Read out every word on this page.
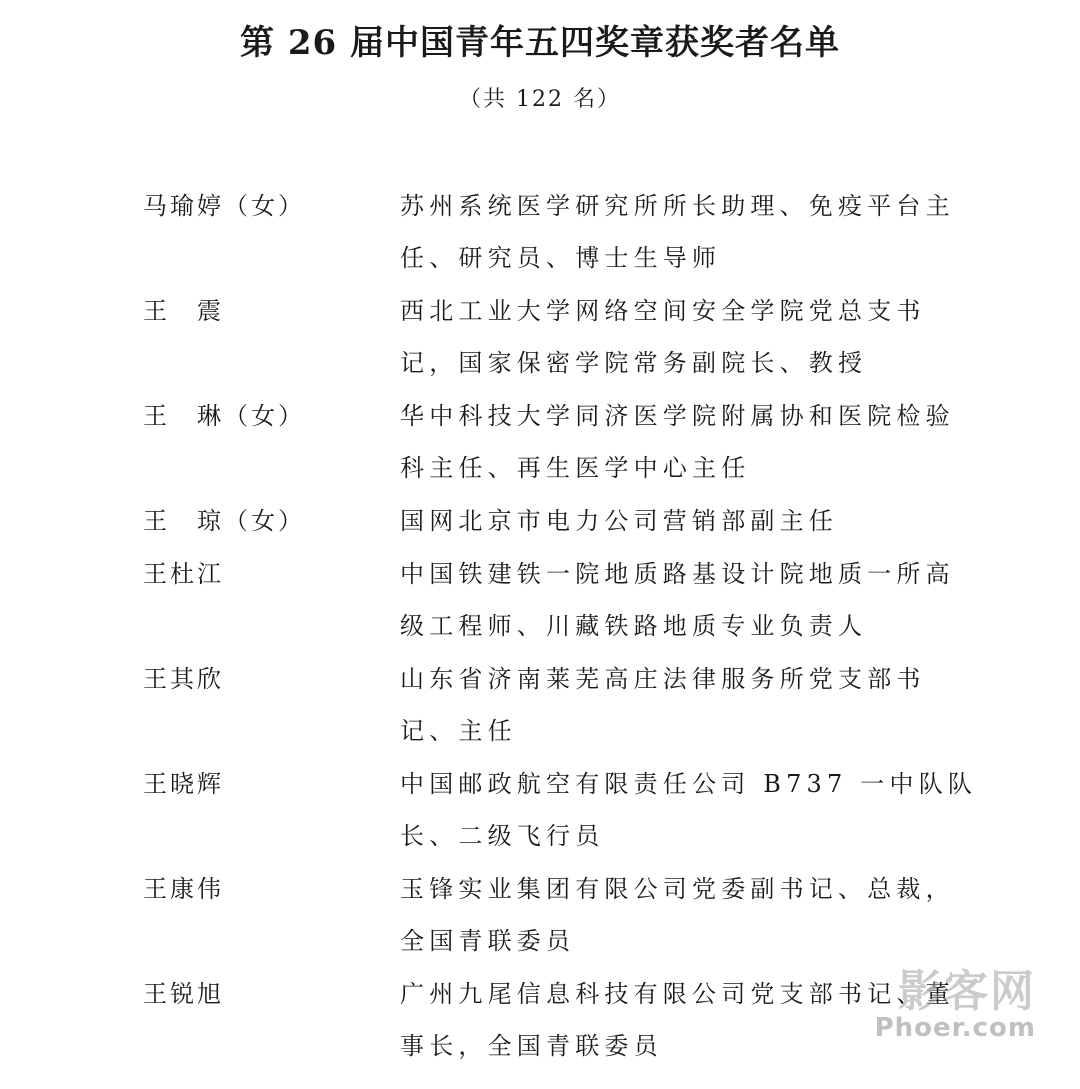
第 26 届中国青年五四奖章获奖者名单
（共 122 名）
马瑜婷（女）	苏州系统医学研究所所长助理、免疫平台主
任、研究员、博士生导师
王　震	西北工业大学网络空间安全学院党总支书
记，国家保密学院常务副院长、教授
王　琳（女）	华中科技大学同济医学院附属协和医院检验
科主任、再生医学中心主任
王　琼（女）	国网北京市电力公司营销部副主任
王杜江	中国铁建铁一院地质路基设计院地质一所高
级工程师、川藏铁路地质专业负责人
王其欣	山东省济南莱芜高庄法律服务所党支部书
记、主任
王晓辉	中国邮政航空有限责任公司 B737 一中队队
长、二级飞行员
王康伟	玉锋实业集团有限公司党委副书记、总裁，
全国青联委员
王锐旭	广州九尾信息科技有限公司党支部书记、董
事长，全国青联委员
影客网
Phoer.com
